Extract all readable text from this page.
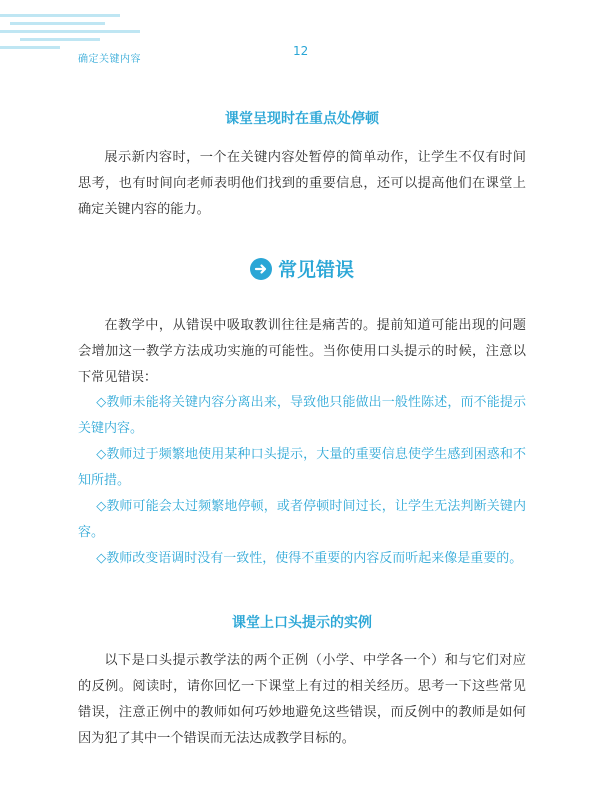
确定关键内容
12
课堂呈现时在重点处停顿
展示新内容时，一个在关键内容处暂停的简单动作，让学生不仅有时间思考，也有时间向老师表明他们找到的重要信息，还可以提高他们在课堂上确定关键内容的能力。
常见错误
在教学中，从错误中吸取教训往往是痛苦的。提前知道可能出现的问题会增加这一教学方法成功实施的可能性。当你使用口头提示的时候，注意以下常见错误：

◇教师未能将关键内容分离出来，导致他只能做出一般性陈述，而不能提示关键内容。

◇教师过于频繁地使用某种口头提示，大量的重要信息使学生感到困惑和不知所措。

◇教师可能会太过频繁地停顿，或者停顿时间过长，让学生无法判断关键内容。

◇教师改变语调时没有一致性，使得不重要的内容反而听起来像是重要的。

课堂上口头提示的实例
以下是口头提示教学法的两个正例（小学、中学各一个）和与它们对应的反例。阅读时，请你回忆一下课堂上有过的相关经历。思考一下这些常见错误，注意正例中的教师如何巧妙地避免这些错误，而反例中的教师是如何因为犯了其中一个错误而无法达成教学目标的。
